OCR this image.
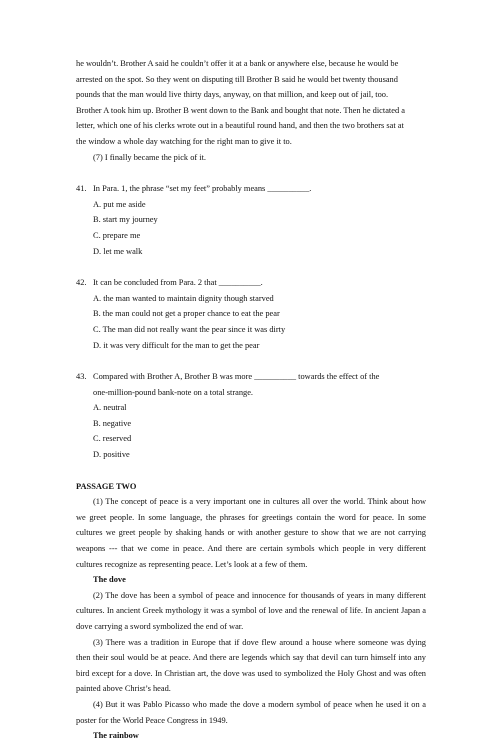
he wouldn’t. Brother A said he couldn’t offer it at a bank or anywhere else, because he would be
arrested on the spot. So they went on disputing till Brother B said he would bet twenty thousand
pounds that the man would live thirty days, anyway, on that million, and keep out of jail, too.
Brother A took him up. Brother B went down to the Bank and bought that note. Then he dictated a
letter, which one of his clerks wrote out in a beautiful round hand, and then the two brothers sat at
the window a whole day watching for the right man to give it to.
(7) I finally became the pick of it.
41. In Para. 1, the phrase “set my feet” probably means __________.
A. put me aside
B. start my journey
C. prepare me
D. let me walk
42. It can be concluded from Para. 2 that __________.
A. the man wanted to maintain dignity though starved
B. the man could not get a proper chance to eat the pear
C. The man did not really want the pear since it was dirty
D. it was very difficult for the man to get the pear
43. Compared with Brother A, Brother B was more __________ towards the effect of the
one-million-pound bank-note on a total strange.
A. neutral
B. negative
C. reserved
D. positive
PASSAGE TWO
(1) The concept of peace is a very important one in cultures all over the world. Think about how we greet people. In some language, the phrases for greetings contain the word for peace. In some cultures we greet people by shaking hands or with another gesture to show that we are not carrying weapons --- that we come in peace. And there are certain symbols which people in very different cultures recognize as representing peace. Let’s look at a few of them.
The dove
(2) The dove has been a symbol of peace and innocence for thousands of years in many different cultures. In ancient Greek mythology it was a symbol of love and the renewal of life. In ancient Japan a dove carrying a sword symbolized the end of war.
(3) There was a tradition in Europe that if dove flew around a house where someone was dying then their soul would be at peace. And there are legends which say that devil can turn himself into any bird except for a dove. In Christian art, the dove was used to symbolized the Holy Ghost and was often painted above Christ’s head.
(4) But it was Pablo Picasso who made the dove a modern symbol of peace when he used it on a poster for the World Peace Congress in 1949.
The rainbow
